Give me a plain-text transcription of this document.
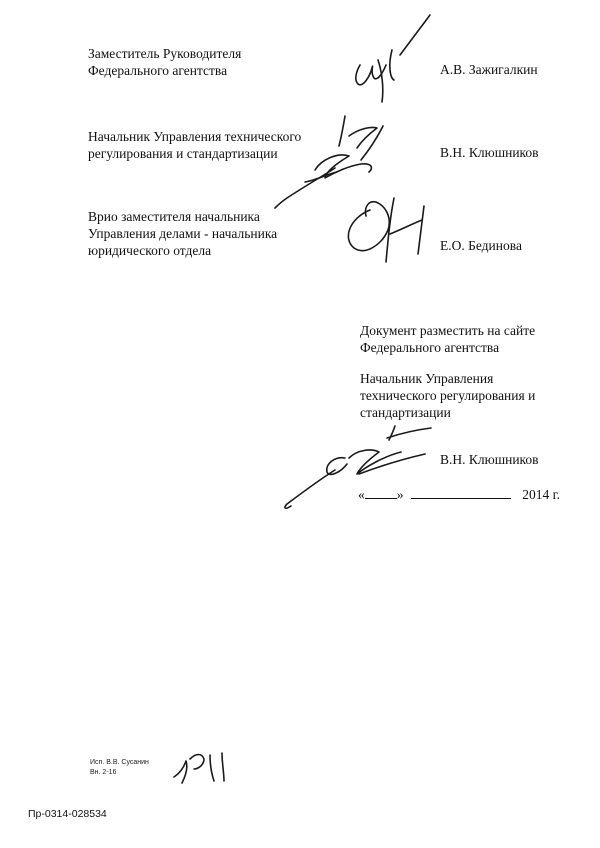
Заместитель Руководителя
Федерального агентства	А.В. Зажигалкин
Начальник Управления технического
регулирования и стандартизации	В.Н. Клюшников
Врио заместителя начальника
Управления делами - начальника
юридического отдела	Е.О. Бединова
Документ разместить на сайте
Федерального агентства
Начальник Управления
технического регулирования и
стандартизации
В.Н. Клюшников
« »	2014 г.
Исп. В.В. Сусанин
Вн. 2-16
Пр-0314-028534
